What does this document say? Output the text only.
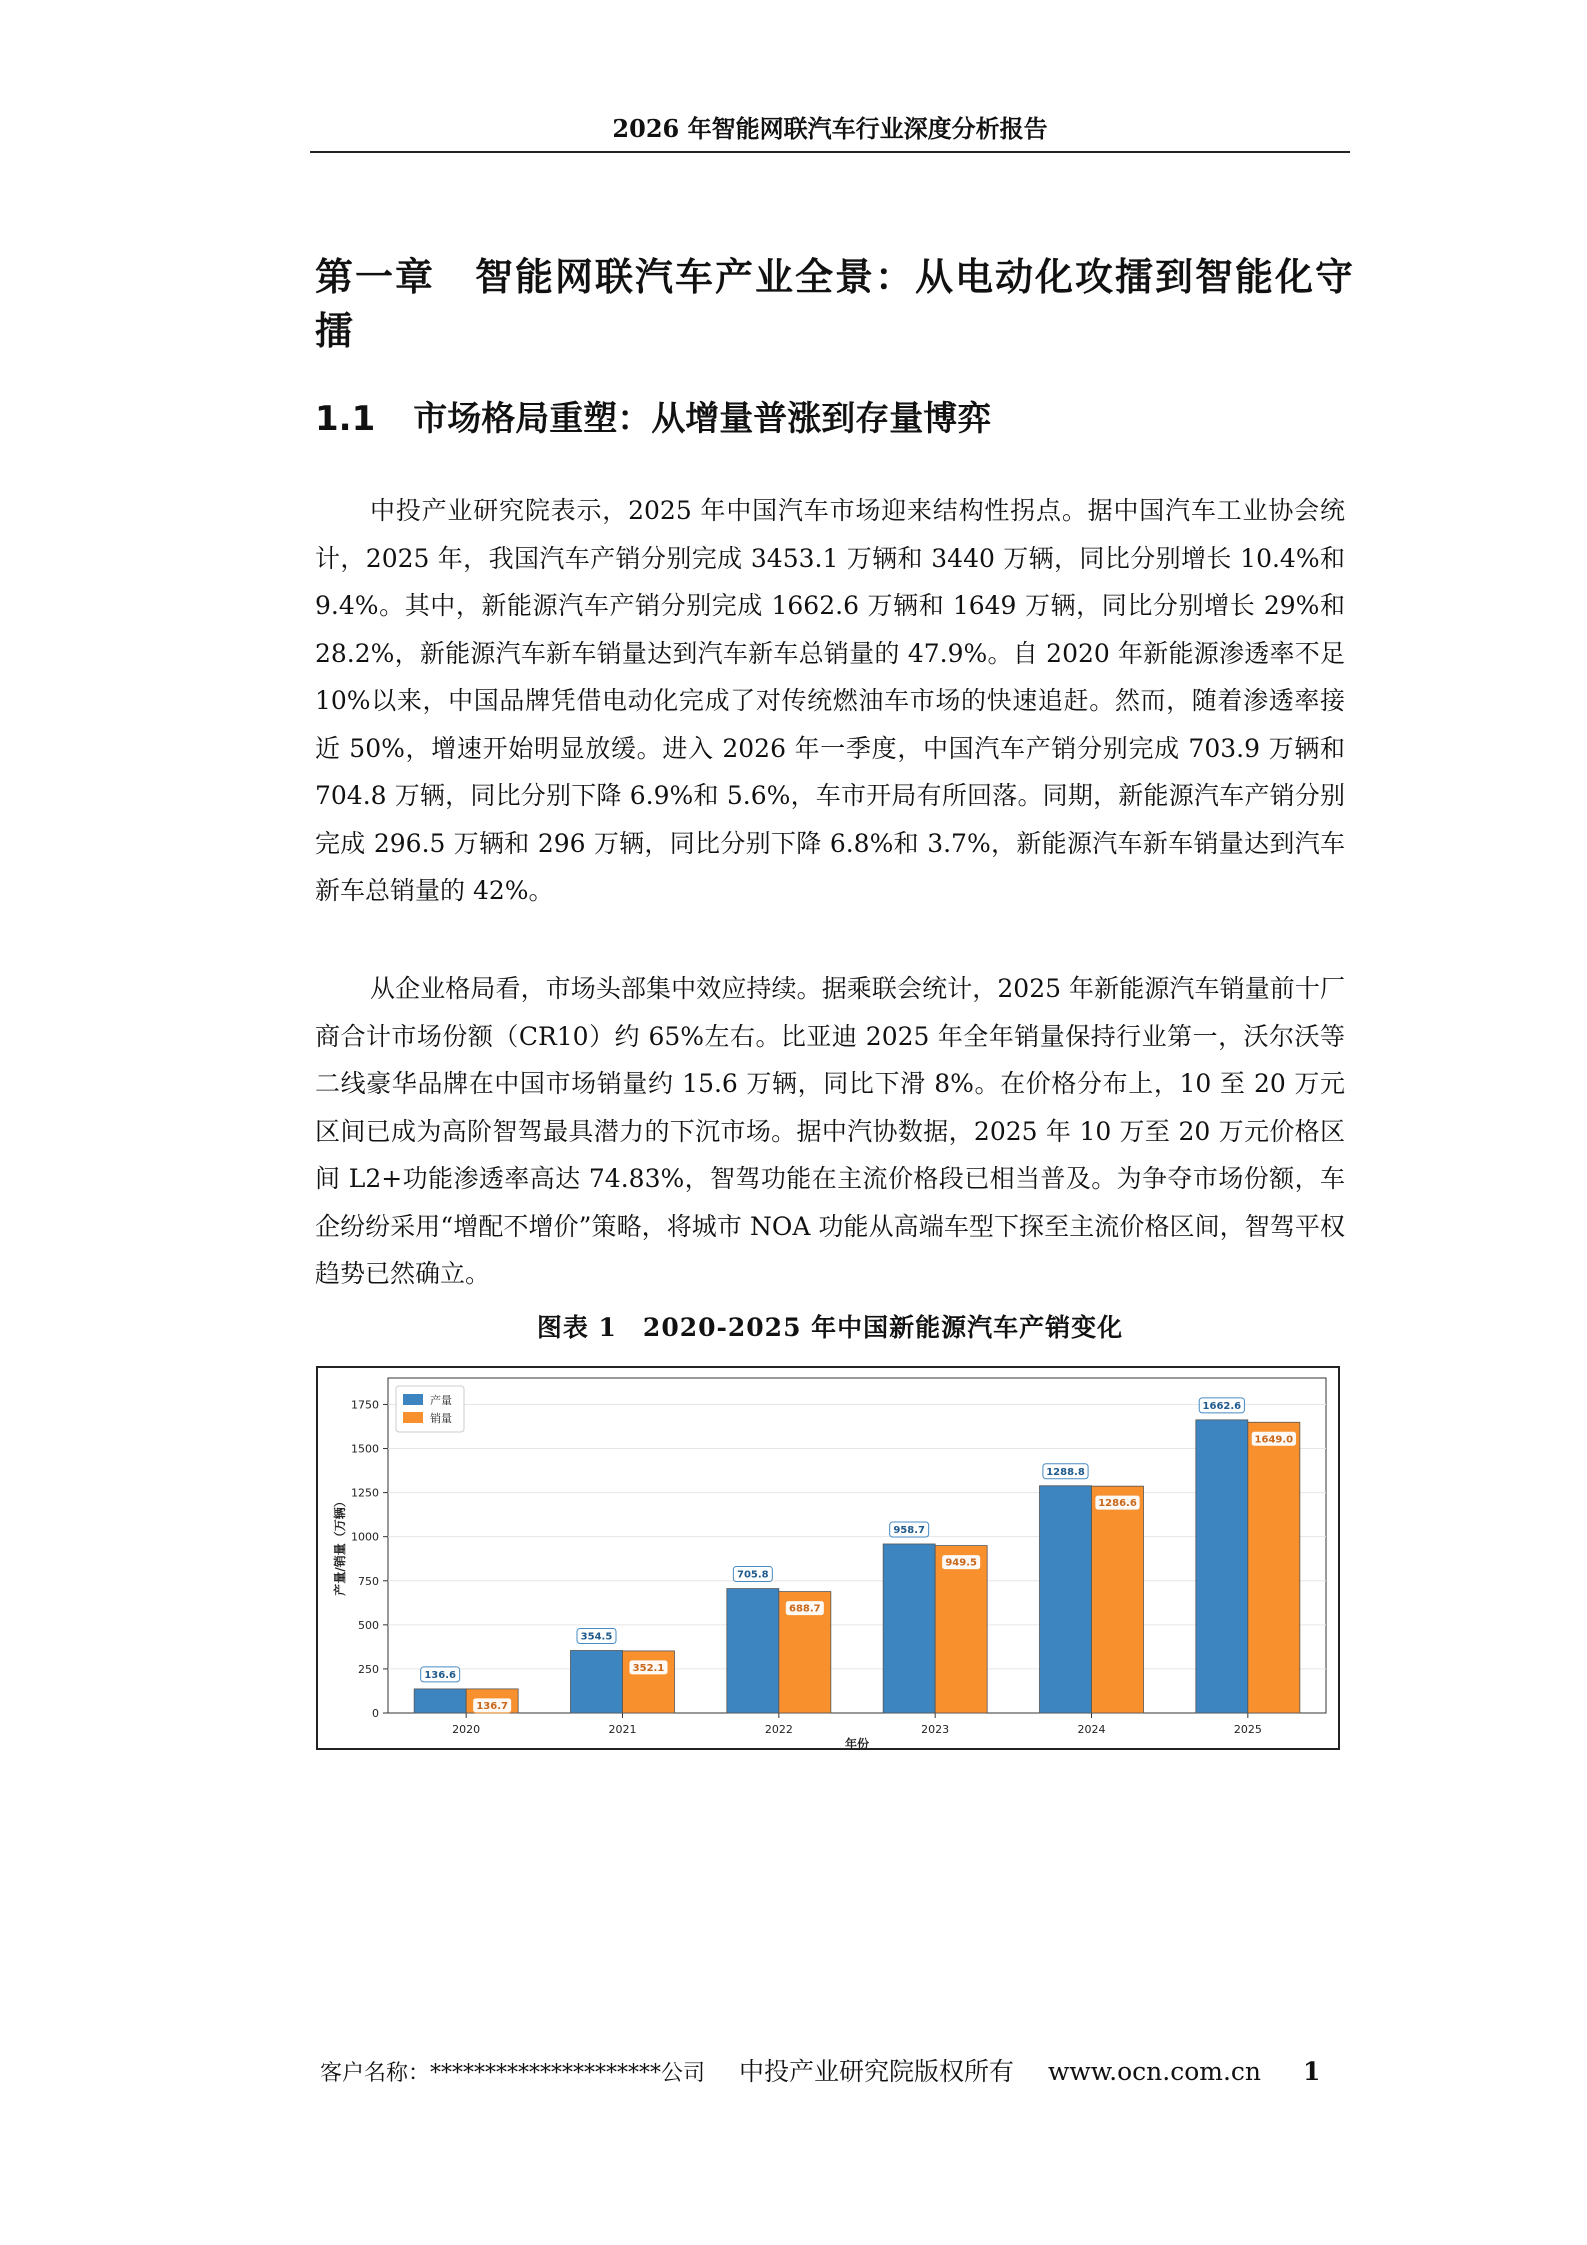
2026 年智能网联汽车行业深度分析报告
第一章　智能网联汽车产业全景：从电动化攻擂到智能化守擂
1.1 市场格局重塑：从增量普涨到存量博弈

中投产业研究院表示，2025 年中国汽车市场迎来结构性拐点。据中国汽车工业协会统计，2025 年，我国汽车产销分别完成 3453.1 万辆和 3440 万辆，同比分别增长 10.4%和 9.4%。其中，新能源汽车产销分别完成 1662.6 万辆和 1649 万辆，同比分别增长 29%和 28.2%，新能源汽车新车销量达到汽车新车总销量的 47.9%。自 2020 年新能源渗透率不足 10%以来，中国品牌凭借电动化完成了对传统燃油车市场的快速追赶。然而，随着渗透率接近 50%，增速开始明显放缓。进入 2026 年一季度，中国汽车产销分别完成 703.9 万辆和 704.8 万辆，同比分别下降 6.9%和 5.6%，车市开局有所回落。同期，新能源汽车产销分别完成 296.5 万辆和 296 万辆，同比分别下降 6.8%和 3.7%，新能源汽车新车销量达到汽车新车总销量的 42%。

从企业格局看，市场头部集中效应持续。据乘联会统计，2025 年新能源汽车销量前十厂商合计市场份额（CR10）约 65%左右。比亚迪 2025 年全年销量保持行业第一，沃尔沃等二线豪华品牌在中国市场销量约 15.6 万辆，同比下滑 8%。在价格分布上，10 至 20 万元区间已成为高阶智驾最具潜力的下沉市场。据中汽协数据，2025 年 10 万至 20 万元价格区间 L2+功能渗透率高达 74.83%，智驾功能在主流价格段已相当普及。为争夺市场份额，车企纷纷采用“增配不增价”策略，将城市 NOA 功能从高端车型下探至主流价格区间，智驾平权趋势已然确立。

图表 1　2020-2025 年中国新能源汽车产销变化
0
250
500
750
1000
1250
1500
1750
2020
136.6
136.7
2021
354.5
352.1
2022
705.8
688.7
2023
958.7
949.5
2024
1288.8
1286.6
2025
1662.6
1649.0
产量
销量
年份
产量/销量（万辆）
客户名称：*********************公司 中投产业研究院版权所有 www.ocn.com.cn 1
